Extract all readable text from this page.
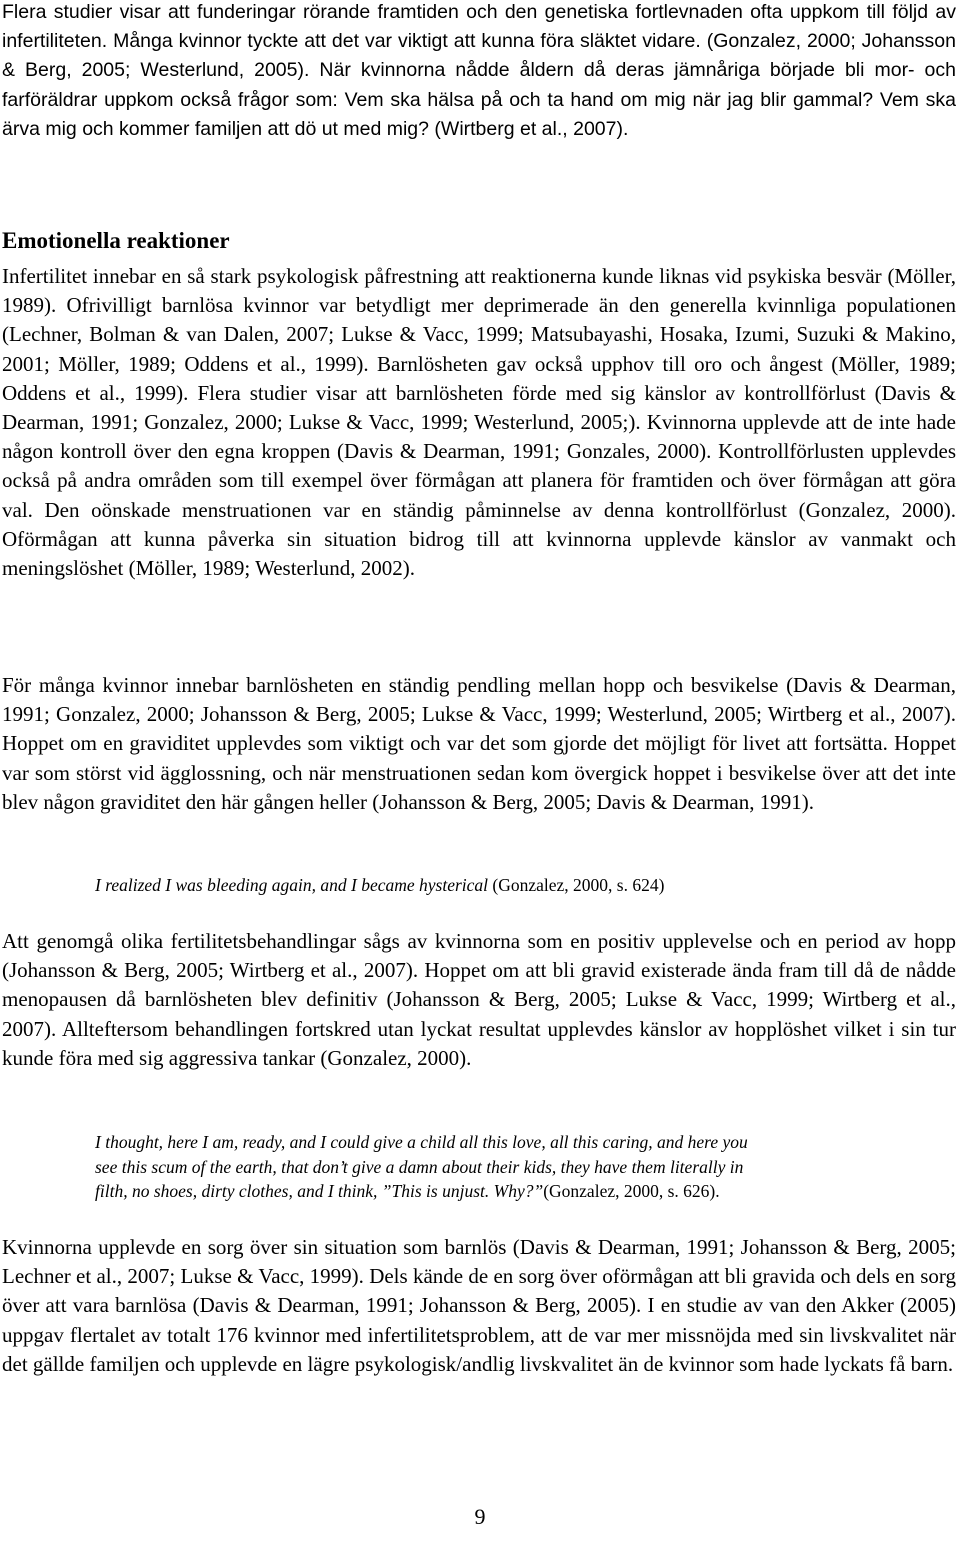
Flera studier visar att funderingar rörande framtiden och den genetiska fortlevnaden ofta uppkom till följd av infertiliteten. Många kvinnor tyckte att det var viktigt att kunna föra släktet vidare. (Gonzalez, 2000; Johansson & Berg, 2005; Westerlund, 2005). När kvinnorna nådde åldern då deras jämnåriga började bli mor- och farföräldrar uppkom också frågor som: Vem ska hälsa på och ta hand om mig när jag blir gammal? Vem ska ärva mig och kommer familjen att dö ut med mig? (Wirtberg et al., 2007).

Emotionella reaktioner

Infertilitet innebar en så stark psykologisk påfrestning att reaktionerna kunde liknas vid psykiska besvär (Möller, 1989). Ofrivilligt barnlösa kvinnor var betydligt mer deprimerade än den generella kvinnliga populationen (Lechner, Bolman & van Dalen, 2007; Lukse & Vacc, 1999; Matsubayashi, Hosaka, Izumi, Suzuki & Makino, 2001; Möller, 1989; Oddens et al., 1999). Barnlösheten gav också upphov till oro och ångest (Möller, 1989; Oddens et al., 1999). Flera studier visar att barnlösheten förde med sig känslor av kontrollförlust (Davis & Dearman, 1991; Gonzalez, 2000; Lukse & Vacc, 1999; Westerlund, 2005;). Kvinnorna upplevde att de inte hade någon kontroll över den egna kroppen (Davis & Dearman, 1991; Gonzales, 2000). Kontrollförlusten upplevdes också på andra områden som till exempel över förmågan att planera för framtiden och över förmågan att göra val. Den oönskade menstruationen var en ständig påminnelse av denna kontrollförlust (Gonzalez, 2000). Oförmågan att kunna påverka sin situation bidrog till att kvinnorna upplevde känslor av vanmakt och meningslöshet (Möller, 1989; Westerlund, 2002).

För många kvinnor innebar barnlösheten en ständig pendling mellan hopp och besvikelse (Davis & Dearman, 1991; Gonzalez, 2000; Johansson & Berg, 2005; Lukse & Vacc, 1999; Westerlund, 2005; Wirtberg et al., 2007). Hoppet om en graviditet upplevdes som viktigt och var det som gjorde det möjligt för livet att fortsätta. Hoppet var som störst vid ägglossning, och när menstruationen sedan kom övergick hoppet i besvikelse över att det inte blev någon graviditet den här gången heller (Johansson & Berg, 2005; Davis & Dearman, 1991).

I realized I was bleeding again, and I became hysterical (Gonzalez, 2000, s. 624)

Att genomgå olika fertilitetsbehandlingar sågs av kvinnorna som en positiv upplevelse och en period av hopp (Johansson & Berg, 2005; Wirtberg et al., 2007). Hoppet om att bli gravid existerade ända fram till då de nådde menopausen då barnlösheten blev definitiv (Johansson & Berg, 2005; Lukse & Vacc, 1999; Wirtberg et al., 2007). Allteftersom behandlingen fortskred utan lyckat resultat upplevdes känslor av hopplöshet vilket i sin tur kunde föra med sig aggressiva tankar (Gonzalez, 2000).

I thought, here I am, ready, and I could give a child all this love, all this caring, and here you
see this scum of the earth, that don’t give a damn about their kids, they have them literally in
filth, no shoes, dirty clothes, and I think, ”This is unjust. Why?”(Gonzalez, 2000, s. 626).

Kvinnorna upplevde en sorg över sin situation som barnlös (Davis & Dearman, 1991; Johansson & Berg, 2005; Lechner et al., 2007; Lukse & Vacc, 1999). Dels kände de en sorg över oförmågan att bli gravida och dels en sorg över att vara barnlösa (Davis & Dearman, 1991; Johansson & Berg, 2005). I en studie av van den Akker (2005) uppgav flertalet av totalt 176 kvinnor med infertilitetsproblem, att de var mer missnöjda med sin livskvalitet när det gällde familjen och upplevde en lägre psykologisk/andlig livskvalitet än de kvinnor som hade lyckats få barn.

9
